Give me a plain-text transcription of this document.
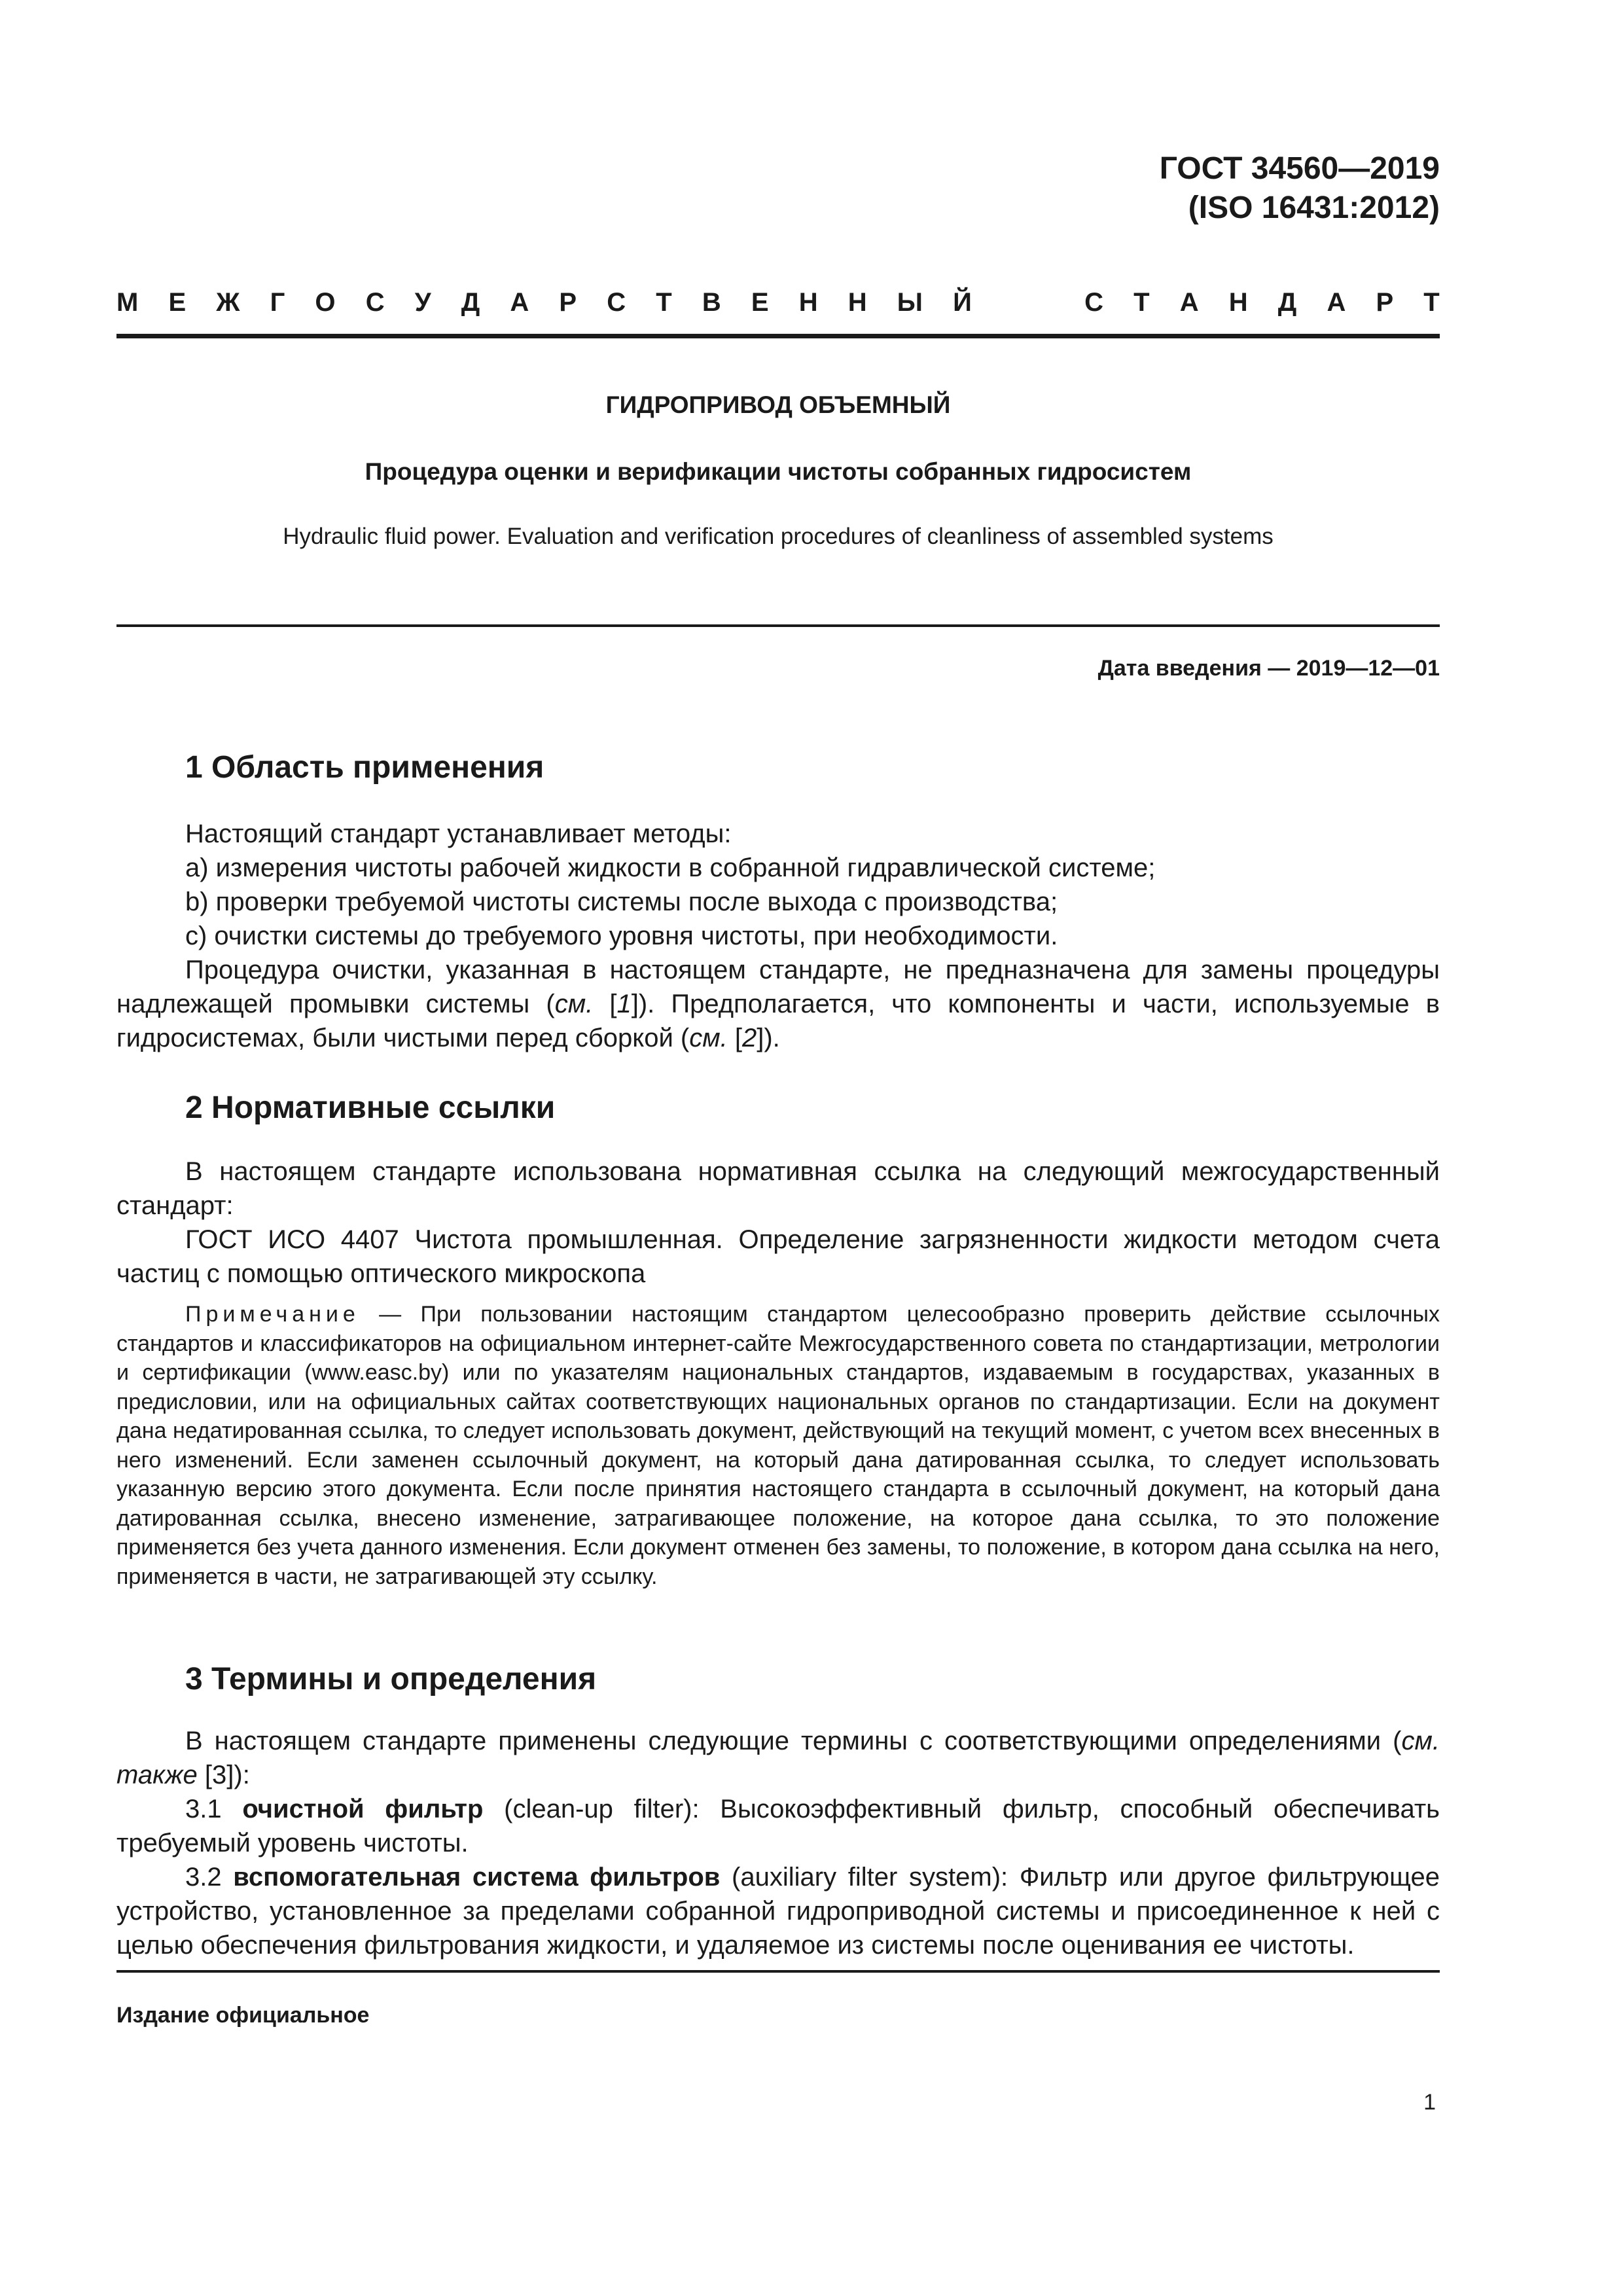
ГОСТ 34560—2019
(ISO 16431:2012)
М Е Ж Г О С У Д А Р С Т В Е Н Н Ы Й	С Т А Н Д А Р Т
ГИДРОПРИВОД ОБЪЕМНЫЙ
Процедура оценки и верификации чистоты собранных гидросистем
Hydraulic fluid power. Evaluation and verification procedures of cleanliness of assembled systems
Дата введения — 2019—12—01
1 Область применения
Настоящий стандарт устанавливает методы:
a) измерения чистоты рабочей жидкости в собранной гидравлической системе;
b) проверки требуемой чистоты системы после выхода с производства;
c) очистки системы до требуемого уровня чистоты, при необходимости.
Процедура очистки, указанная в настоящем стандарте, не предназначена для замены процедуры надлежащей промывки системы (см. [1]). Предполагается, что компоненты и части, используемые в гидросистемах, были чистыми перед сборкой (см. [2]).
2 Нормативные ссылки
В настоящем стандарте использована нормативная ссылка на следующий межгосударственный стандарт:
ГОСТ ИСО 4407 Чистота промышленная. Определение загрязненности жидкости методом счета частиц с помощью оптического микроскопа
Примечание — При пользовании настоящим стандартом целесообразно проверить действие ссылочных стандартов и классификаторов на официальном интернет-сайте Межгосударственного совета по стандартизации, метрологии и сертификации (www.easc.by) или по указателям национальных стандартов, издаваемым в государствах, указанных в предисловии, или на официальных сайтах соответствующих национальных органов по стандартизации. Если на документ дана недатированная ссылка, то следует использовать документ, действующий на текущий момент, с учетом всех внесенных в него изменений. Если заменен ссылочный документ, на который дана датированная ссылка, то следует использовать указанную версию этого документа. Если после принятия настоящего стандарта в ссылочный документ, на который дана датированная ссылка, внесено изменение, затрагивающее положение, на которое дана ссылка, то это положение применяется без учета данного изменения. Если документ отменен без замены, то положение, в котором дана ссылка на него, применяется в части, не затрагивающей эту ссылку.
3 Термины и определения
В настоящем стандарте применены следующие термины с соответствующими определениями (см. также [3]):
3.1 очистной фильтр (clean-up filter): Высокоэффективный фильтр, способный обеспечивать требуемый уровень чистоты.
3.2 вспомогательная система фильтров (auxiliary filter system): Фильтр или другое фильтрующее устройство, установленное за пределами собранной гидроприводной системы и присоединенное к ней с целью обеспечения фильтрования жидкости, и удаляемое из системы после оценивания ее чистоты.
Издание официальное
1
